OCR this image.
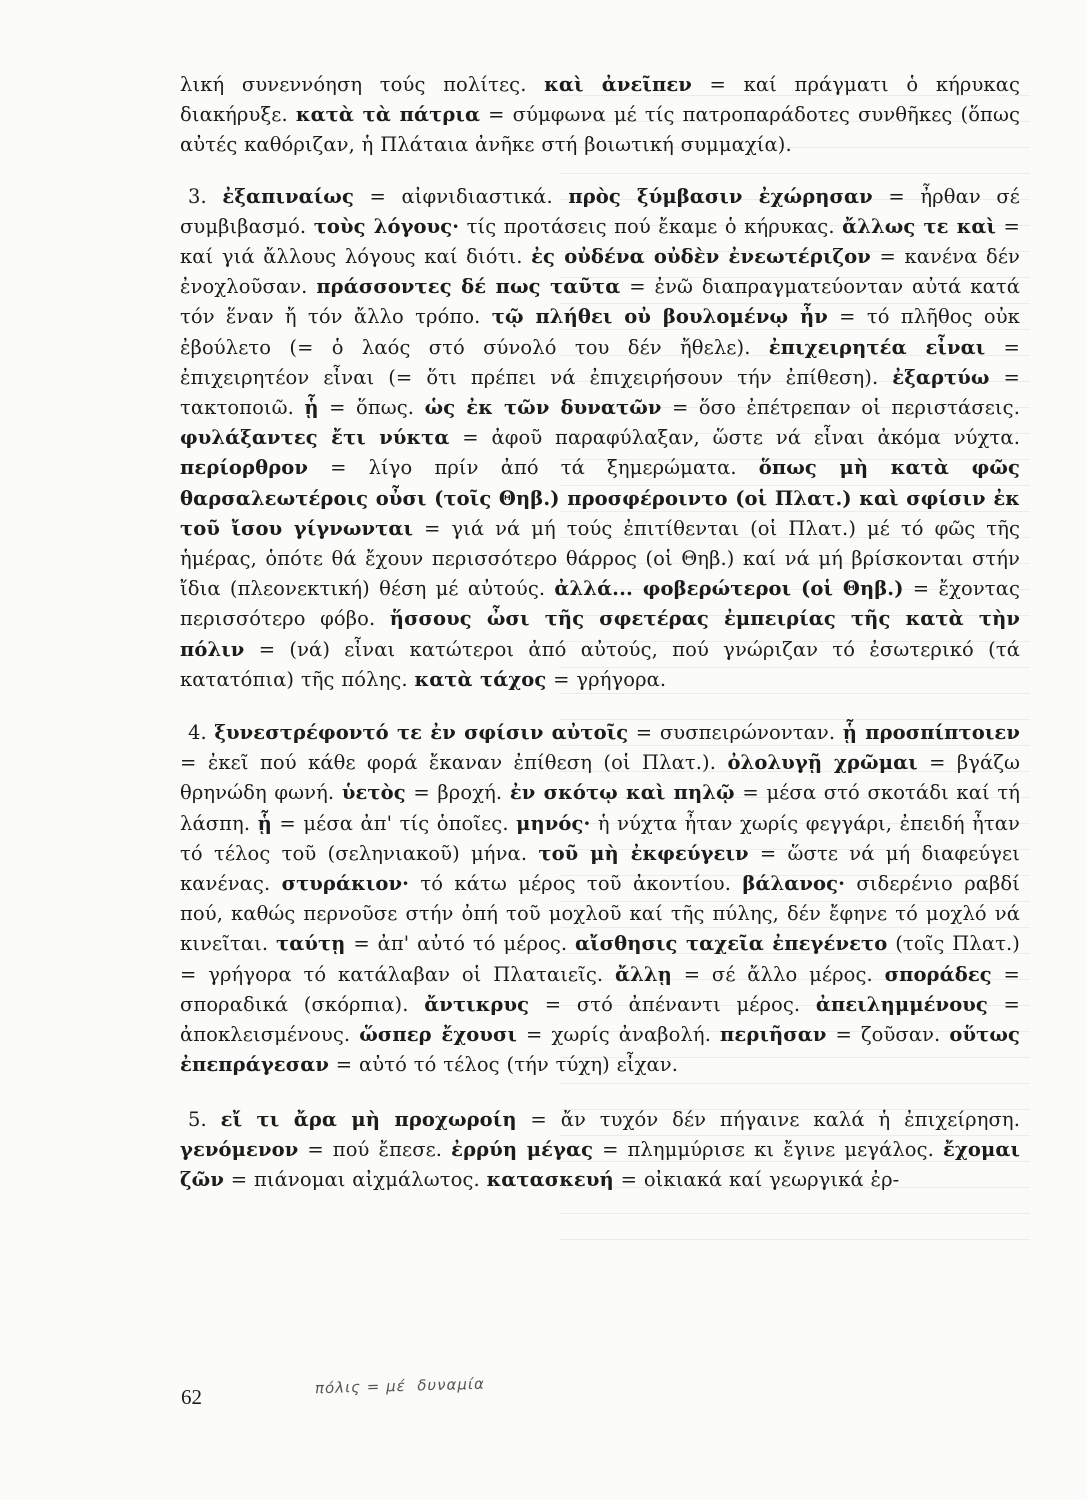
λική συνεννόηση τούς πολίτες. καὶ ἀνεῖπεν = καί πράγματι ὁ κήρυκας διακήρυξε. κατὰ τὰ πάτρια = σύμφωνα μέ τίς πατροπαράδοτες συνθῆκες (ὅπως αὐτές καθόριζαν, ἡ Πλάταια ἀνῆκε στή βοιωτική συμμαχία).

3. ἐξαπιναίως = αἰφνιδιαστικά. πρὸς ξύμβασιν ἐχώρησαν = ἦρθαν σέ συμβιβασμό. τοὺς λόγους· τίς προτάσεις πού ἔκαμε ὁ κήρυκας. ἄλλως τε καὶ = καί γιά ἄλλους λόγους καί διότι. ἐς οὐδένα οὐδὲν ἐνεωτέριζον = κανένα δέν ἐνοχλοῦσαν. πράσσοντες δέ πως ταῦτα = ἐνῶ διαπραγματεύονταν αὐτά κατά τόν ἕναν ἤ τόν ἄλλο τρόπο. τῷ πλήθει οὐ βουλομένῳ ἦν = τό πλῆθος οὐκ ἐβούλετο (= ὁ λαός στό σύνολό του δέν ἤθελε). ἐπιχειρητέα εἶναι = ἐπιχειρητέον εἶναι (= ὅτι πρέπει νά ἐπιχειρήσουν τήν ἐπίθεση). ἐξαρτύω = τακτοποιῶ. ᾗ = ὅπως. ὡς ἐκ τῶν δυνατῶν = ὅσο ἐπέτρεπαν οἱ περιστάσεις. φυλάξαντες ἔτι νύκτα = ἀφοῦ παραφύλαξαν, ὥστε νά εἶναι ἀκόμα νύχτα. περίορθρον = λίγο πρίν ἀπό τά ξημερώματα. ὅπως μὴ κατὰ φῶς θαρσαλεωτέροις οὖσι (τοῖς Θηβ.) προσφέροιντο (οἱ Πλατ.) καὶ σφίσιν ἐκ τοῦ ἴσου γίγνωνται = γιά νά μή τούς ἐπιτίθενται (οἱ Πλατ.) μέ τό φῶς τῆς ἡμέρας, ὁπότε θά ἔχουν περισσότερο θάρρος (οἱ Θηβ.) καί νά μή βρίσκονται στήν ἴδια (πλεονεκτική) θέση μέ αὐτούς. ἀλλά... φοβερώτεροι (οἱ Θηβ.) = ἔχοντας περισσότερο φόβο. ἥσσους ὦσι τῆς σφετέρας ἐμπειρίας τῆς κατὰ τὴν πόλιν = (νά) εἶναι κατώτεροι ἀπό αὐτούς, πού γνώριζαν τό ἐσωτερικό (τά κατατόπια) τῆς πόλης. κατὰ τάχος = γρήγορα.

4. ξυνεστρέφοντό τε ἐν σφίσιν αὐτοῖς = συσπειρώνονταν. ᾗ προσπίπτοιεν = ἐκεῖ πού κάθε φορά ἔκαναν ἐπίθεση (οἱ Πλατ.). ὀλολυγῇ χρῶμαι = βγάζω θρηνώδη φωνή. ὑετὸς = βροχή. ἐν σκότῳ καὶ πηλῷ = μέσα στό σκοτάδι καί τή λάσπη. ᾗ = μέσα ἀπ' τίς ὁποῖες. μηνός· ἡ νύχτα ἦταν χωρίς φεγγάρι, ἐπειδή ἦταν τό τέλος τοῦ (σεληνιακοῦ) μήνα. τοῦ μὴ ἐκφεύγειν = ὥστε νά μή διαφεύγει κανένας. στυράκιον· τό κάτω μέρος τοῦ ἀκοντίου. βάλανος· σιδερένιο ραβδί πού, καθώς περνοῦσε στήν ὀπή τοῦ μοχλοῦ καί τῆς πύλης, δέν ἔφηνε τό μοχλό νά κινεῖται. ταύτῃ = ἀπ' αὐτό τό μέρος. αἴσθησις ταχεῖα ἐπεγένετο (τοῖς Πλατ.) = γρήγορα τό κατάλαβαν οἱ Πλαταιεῖς. ἄλλῃ = σέ ἄλλο μέρος. σποράδες = σποραδικά (σκόρπια). ἄντικρυς = στό ἀπέναντι μέρος. ἀπειλημμένους = ἀποκλεισμένους. ὥσπερ ἔχουσι = χωρίς ἀναβολή. περιῆσαν = ζοῦσαν. οὕτως ἐπεπράγεσαν = αὐτό τό τέλος (τήν τύχη) εἶχαν.

5. εἴ τι ἄρα μὴ προχωροίη = ἄν τυχόν δέν πήγαινε καλά ἡ ἐπιχείρηση. γενόμενον = πού ἔπεσε. ἐρρύη μέγας = πλημμύρισε κι ἔγινε μεγάλος. ἔχομαι ζῶν = πιάνομαι αἰχμάλωτος. κατασκευή = οἰκιακά καί γεωργικά ἐρ-

62	πόλις = μέ  δυναμία
